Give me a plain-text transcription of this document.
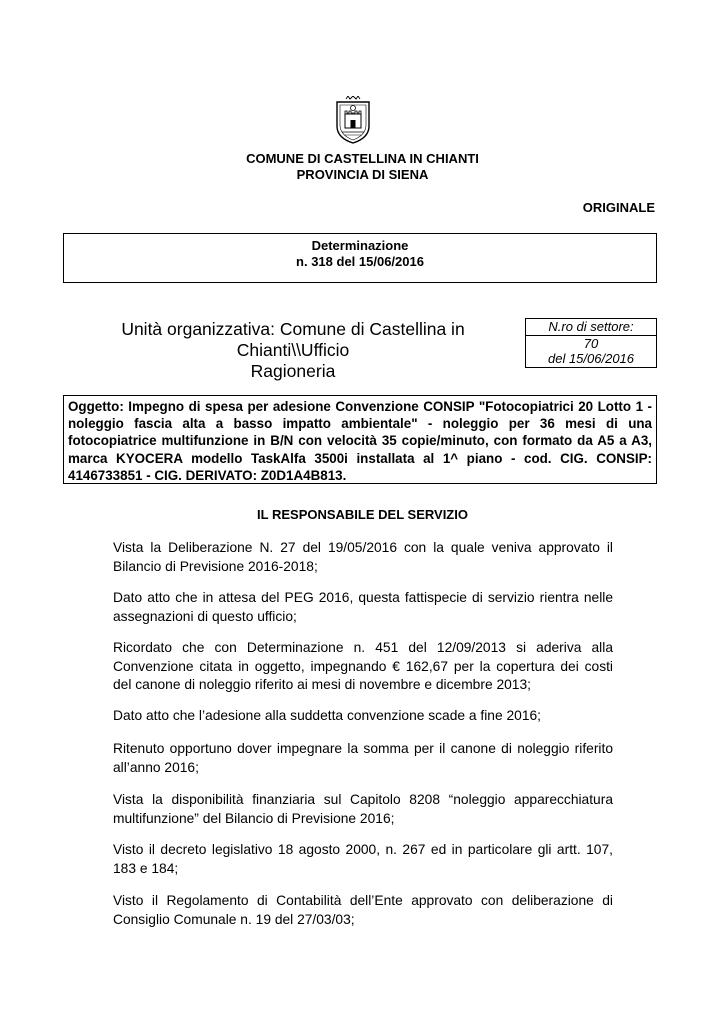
COMUNE DI CASTELLINA IN CHIANTI
PROVINCIA DI SIENA
ORIGINALE
Determinazione
n. 318 del 15/06/2016
Unità organizzativa: Comune di Castellina in Chianti\\Ufficio
Ragioneria
N.ro di settore:
70
del 15/06/2016
Oggetto: Impegno di spesa per adesione Convenzione CONSIP "Fotocopiatrici 20 Lotto 1 - noleggio fascia alta a basso impatto ambientale" - noleggio per 36 mesi di una fotocopiatrice multifunzione in B/N con velocità 35 copie/minuto, con formato da A5 a A3, marca KYOCERA modello TaskAlfa 3500i installata al 1^ piano - cod. CIG. CONSIP: 4146733851 - CIG. DERIVATO: Z0D1A4B813.
IL RESPONSABILE DEL SERVIZIO
Vista la Deliberazione N. 27 del 19/05/2016 con la quale veniva approvato il Bilancio di Previsione 2016-2018;
Dato atto che in attesa del PEG 2016, questa fattispecie di servizio rientra nelle assegnazioni di questo ufficio;
Ricordato che con Determinazione n. 451 del 12/09/2013 si aderiva alla Convenzione citata in oggetto, impegnando € 162,67 per la copertura dei costi del canone di noleggio riferito ai mesi di novembre e dicembre 2013;
Dato atto che l’adesione alla suddetta convenzione scade a fine 2016;
Ritenuto opportuno dover impegnare la somma per il canone di noleggio riferito all’anno 2016;
Vista la disponibilità finanziaria sul Capitolo 8208 “noleggio apparecchiatura multifunzione” del Bilancio di Previsione 2016;
Visto il decreto legislativo 18 agosto 2000, n. 267 ed in particolare gli artt. 107, 183 e 184;
Visto il Regolamento di Contabilità dell’Ente approvato con deliberazione di Consiglio Comunale n. 19 del 27/03/03;
